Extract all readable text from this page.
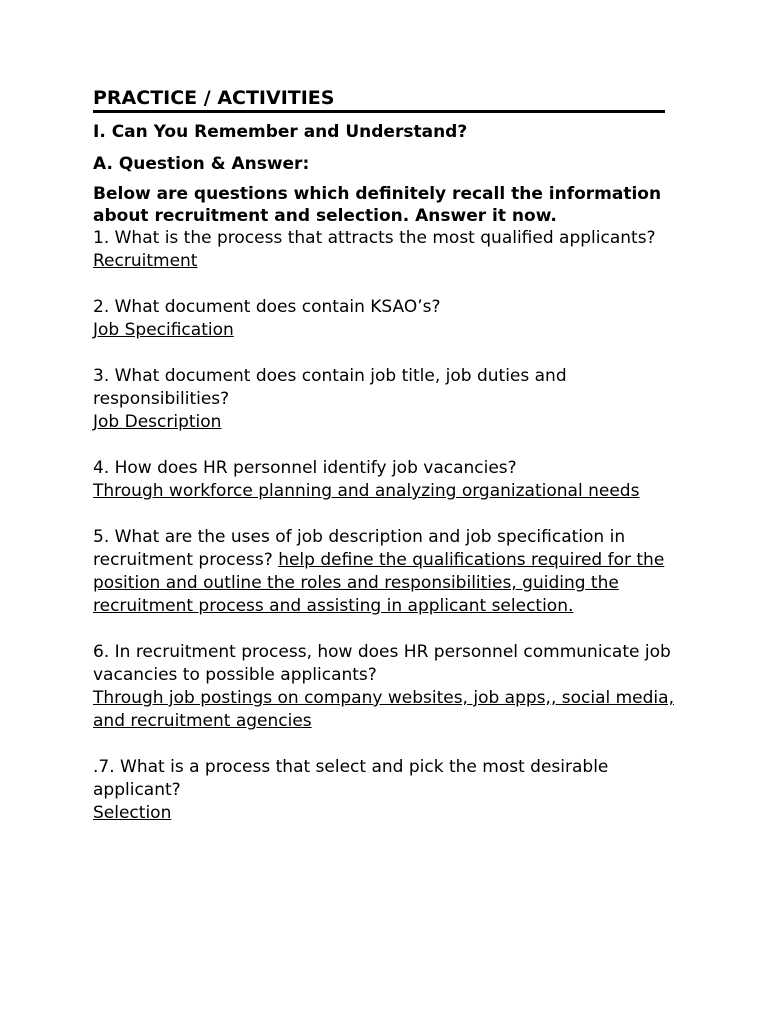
PRACTICE / ACTIVITIES
I. Can You Remember and Understand?
A. Question & Answer:

Below are questions which definitely recall the information about recruitment and selection. Answer it now.

1. What is the process that attracts the most qualified applicants?

Recruitment

2. What document does contain KSAO’s?

Job Specification

3. What document does contain job title, job duties and responsibilities?

Job Description

4. How does HR personnel identify job vacancies?

Through workforce planning and analyzing organizational needs

5. What are the uses of job description and job specification in recruitment process? help define the qualifications required for the position and outline the roles and responsibilities, guiding the recruitment process and assisting in applicant selection.

6. In recruitment process, how does HR personnel communicate job

vacancies to possible applicants?

Through job postings on company websites, job apps,, social media, and recruitment agencies

.7. What is a process that select and pick the most desirable applicant?

Selection
